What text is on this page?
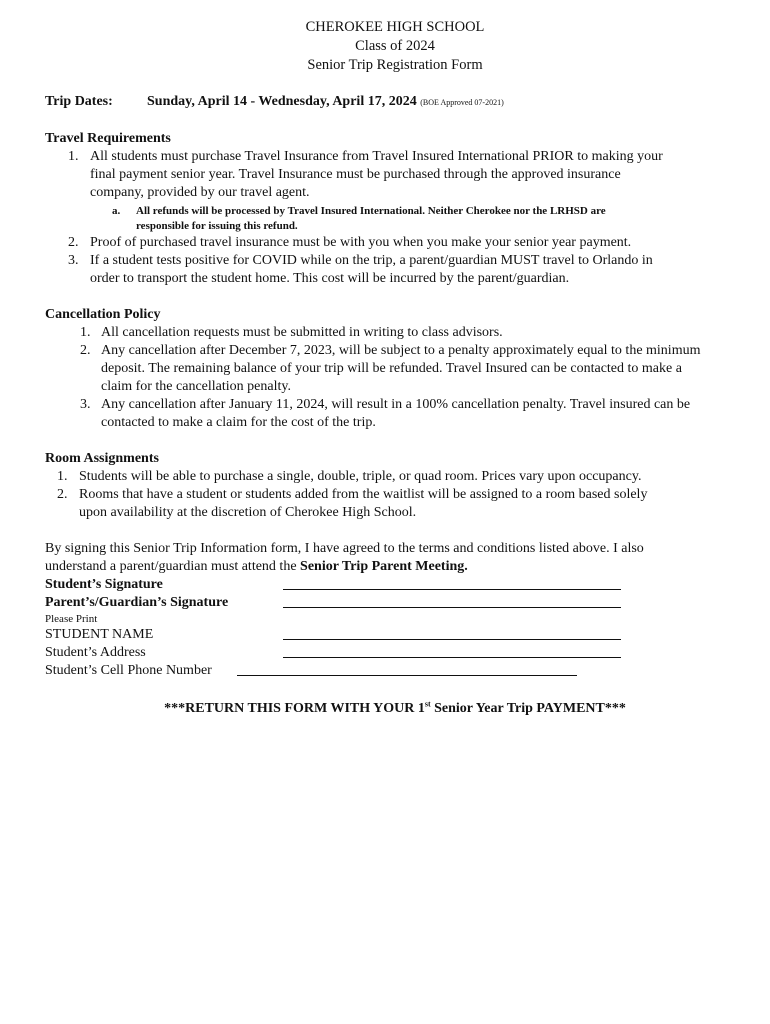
CHEROKEE HIGH SCHOOL
Class of 2024
Senior Trip Registration Form
Trip Dates: Sunday, April 14 - Wednesday, April 17, 2024 (BOE Approved 07-2021)
Travel Requirements
1. All students must purchase Travel Insurance from Travel Insured International PRIOR to making your
final payment senior year. Travel Insurance must be purchased through the approved insurance
company, provided by our travel agent.
a. All refunds will be processed by Travel Insured International. Neither Cherokee nor the LRHSD are
responsible for issuing this refund.
2. Proof of purchased travel insurance must be with you when you make your senior year payment.
3. If a student tests positive for COVID while on the trip, a parent/guardian MUST travel to Orlando in
order to transport the student home. This cost will be incurred by the parent/guardian.
Cancellation Policy
1. All cancellation requests must be submitted in writing to class advisors.
2. Any cancellation after December 7, 2023, will be subject to a penalty approximately equal to the minimum
deposit. The remaining balance of your trip will be refunded. Travel Insured can be contacted to make a
claim for the cancellation penalty.
3. Any cancellation after January 11, 2024, will result in a 100% cancellation penalty. Travel insured can be
contacted to make a claim for the cost of the trip.
Room Assignments
1. Students will be able to purchase a single, double, triple, or quad room. Prices vary upon occupancy.
2. Rooms that have a student or students added from the waitlist will be assigned to a room based solely
upon availability at the discretion of Cherokee High School.
By signing this Senior Trip Information form, I have agreed to the terms and conditions listed above. I also
understand a parent/guardian must attend the Senior Trip Parent Meeting.
Student’s Signature
Parent’s/Guardian’s Signature
Please Print
STUDENT NAME
Student’s Address
Student’s Cell Phone Number
***RETURN THIS FORM WITH YOUR 1st Senior Year Trip PAYMENT***
